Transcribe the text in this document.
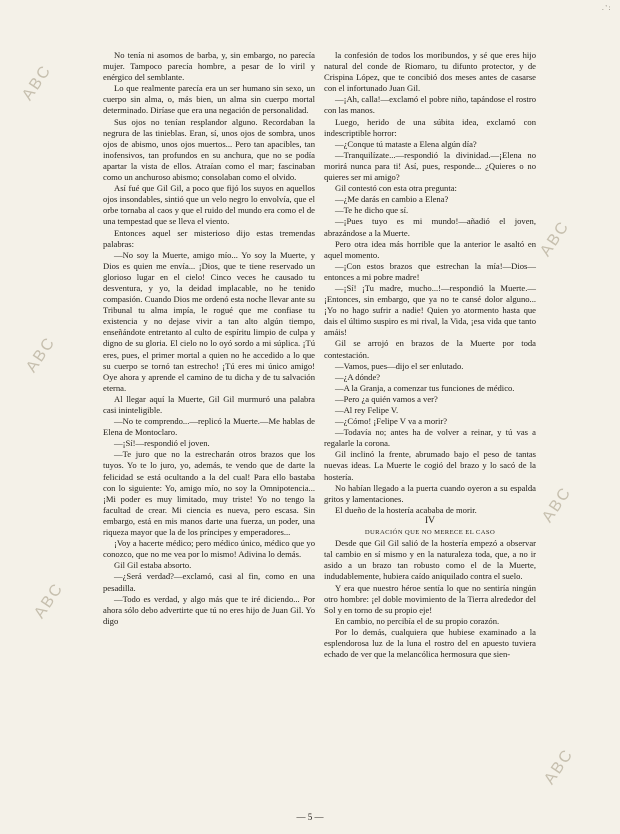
ABC
ABC
ABC
ABC
ABC
ABC
. ' :

No tenía ni asomos de barba, y, sin embargo, no parecía mujer. Tampoco parecía hombre, a pesar de lo viril y enérgico del semblante.

Lo que realmente parecía era un ser humano sin sexo, un cuerpo sin alma, o, más bien, un alma sin cuerpo mortal determinado. Diríase que era una negación de personalidad.

Sus ojos no tenían resplandor alguno. Recordaban la negrura de las tinieblas. Eran, sí, unos ojos de sombra, unos ojos de abismo, unos ojos muertos... Pero tan apacibles, tan inofensivos, tan profundos en su anchura, que no se podía apartar la vista de ellos. Atraían como el mar; fascinaban como un anchuroso abismo; consolaban como el olvido.

Así fué que Gil Gil, a poco que fijó los suyos en aquellos ojos insondables, sintió que un velo negro lo envolvía, que el orbe tornaba al caos y que el ruido del mundo era como el de una tempestad que se lleva el viento.

Entonces aquel ser misterioso dijo estas tremendas palabras:

—No soy la Muerte, amigo mío... Yo soy la Muerte, y Dios es quien me envía... ¡Dios, que te tiene reservado un glorioso lugar en el cielo! Cinco veces he causado tu desventura, y yo, la deidad implacable, no he tenido compasión. Cuando Dios me ordenó esta noche llevar ante su Tribunal tu alma impía, le rogué que me confiase tu existencia y no dejase vivir a tan alto algún tiempo, enseñándote entretanto al culto de espíritu limpio de culpa y digno de su gloria. El cielo no lo oyó sordo a mi súplica. ¡Tú eres, pues, el primer mortal a quien no he accedido a lo que su cuerpo se tornó tan estrecho! ¡Tú eres mi único amigo! Oye ahora y aprende el camino de tu dicha y de tu salvación eterna.

Al llegar aquí la Muerte, Gil Gil murmuró una palabra casi ininteligible.

—No te comprendo...—replicó la Muerte.—Me hablas de Elena de Montoclaro.

—¡Sí!—respondió el joven.

—Te juro que no la estrecharán otros brazos que los tuyos. Yo te lo juro, yo, además, te vendo que de darte la felicidad se está ocultando a la del cual! Para ello bastaba con lo siguiente: Yo, amigo mío, no soy la Omnipotencia... ¡Mi poder es muy limitado, muy triste! Yo no tengo la facultad de crear. Mi ciencia es nueva, pero escasa. Sin embargo, está en mis manos darte una fuerza, un poder, una riqueza mayor que la de los príncipes y emperadores...

¡Voy a hacerte médico; pero médico único, médico que yo conozco, que no me vea por lo mismo! Adivina lo demás.

Gil Gil estaba absorto.

—¿Será verdad?—exclamó, casi al fin, como en una pesadilla.

—Todo es verdad, y algo más que te iré diciendo... Por ahora sólo debo advertirte que tú no eres hijo de Juan Gil. Yo digo

la confesión de todos los moribundos, y sé que eres hijo natural del conde de Riomaro, tu difunto protector, y de Crispina López, que te concibió dos meses antes de casarse con el infortunado Juan Gil.

—¡Ah, calla!—exclamó el pobre niño, tapándose el rostro con las manos.

Luego, herido de una súbita idea, exclamó con indescriptible horror:

—¿Conque tú mataste a Elena algún día?

—Tranquilízate...—respondió la divinidad.—¡Elena no morirá nunca para ti! Así, pues, responde... ¿Quieres o no quieres ser mi amigo?

Gil contestó con esta otra pregunta:

—¿Me darás en cambio a Elena?

—Te he dicho que sí.

—¡Pues tuyo es mi mundo!—añadió el joven, abrazándose a la Muerte.

Pero otra idea más horrible que la anterior le asaltó en aquel momento.

—¡Con estos brazos que estrechan la mía!—Dios—entonces a mi pobre madre!

—¡Sí! ¡Tu madre, mucho...!—respondió la Muerte.—¡Entonces, sin embargo, que ya no te cansé dolor alguno... ¡Yo no hago sufrir a nadie! Quien yo atormento hasta que dais el último suspiro es mi rival, la Vida, ¡esa vida que tanto amáis!

Gil se arrojó en brazos de la Muerte por toda contestación.

—Vamos, pues—dijo el ser enlutado.

—¿A dónde?

—A la Granja, a comenzar tus funciones de médico.

—Pero ¿a quién vamos a ver?

—Al rey Felipe V.

—¿Cómo! ¡Felipe V va a morir?

—Todavía no; antes ha de volver a reinar, y tú vas a regalarle la corona.

Gil inclinó la frente, abrumado bajo el peso de tantas nuevas ideas. La Muerte le cogió del brazo y lo sacó de la hostería.

No habían llegado a la puerta cuando oyeron a su espalda gritos y lamentaciones.

El dueño de la hostería acababa de morir.

IV

DURACIÓN QUE NO MERECE EL CASO

Desde que Gil Gil salió de la hostería empezó a observar tal cambio en sí mismo y en la naturaleza toda, que, a no ir asido a un brazo tan robusto como el de la Muerte, indudablemente, hubiera caído aniquilado contra el suelo.

Y era que nuestro héroe sentía lo que no sentiría ningún otro hombre: ¡el doble movimiento de la Tierra alrededor del Sol y en torno de su propio eje!

En cambio, no percibía el de su propio corazón.

Por lo demás, cualquiera que hubiese examinado a la esplendorosa luz de la luna el rostro del en apuesto tuviera echado de ver que la melancólica hermosura que sien-

— 5 —
